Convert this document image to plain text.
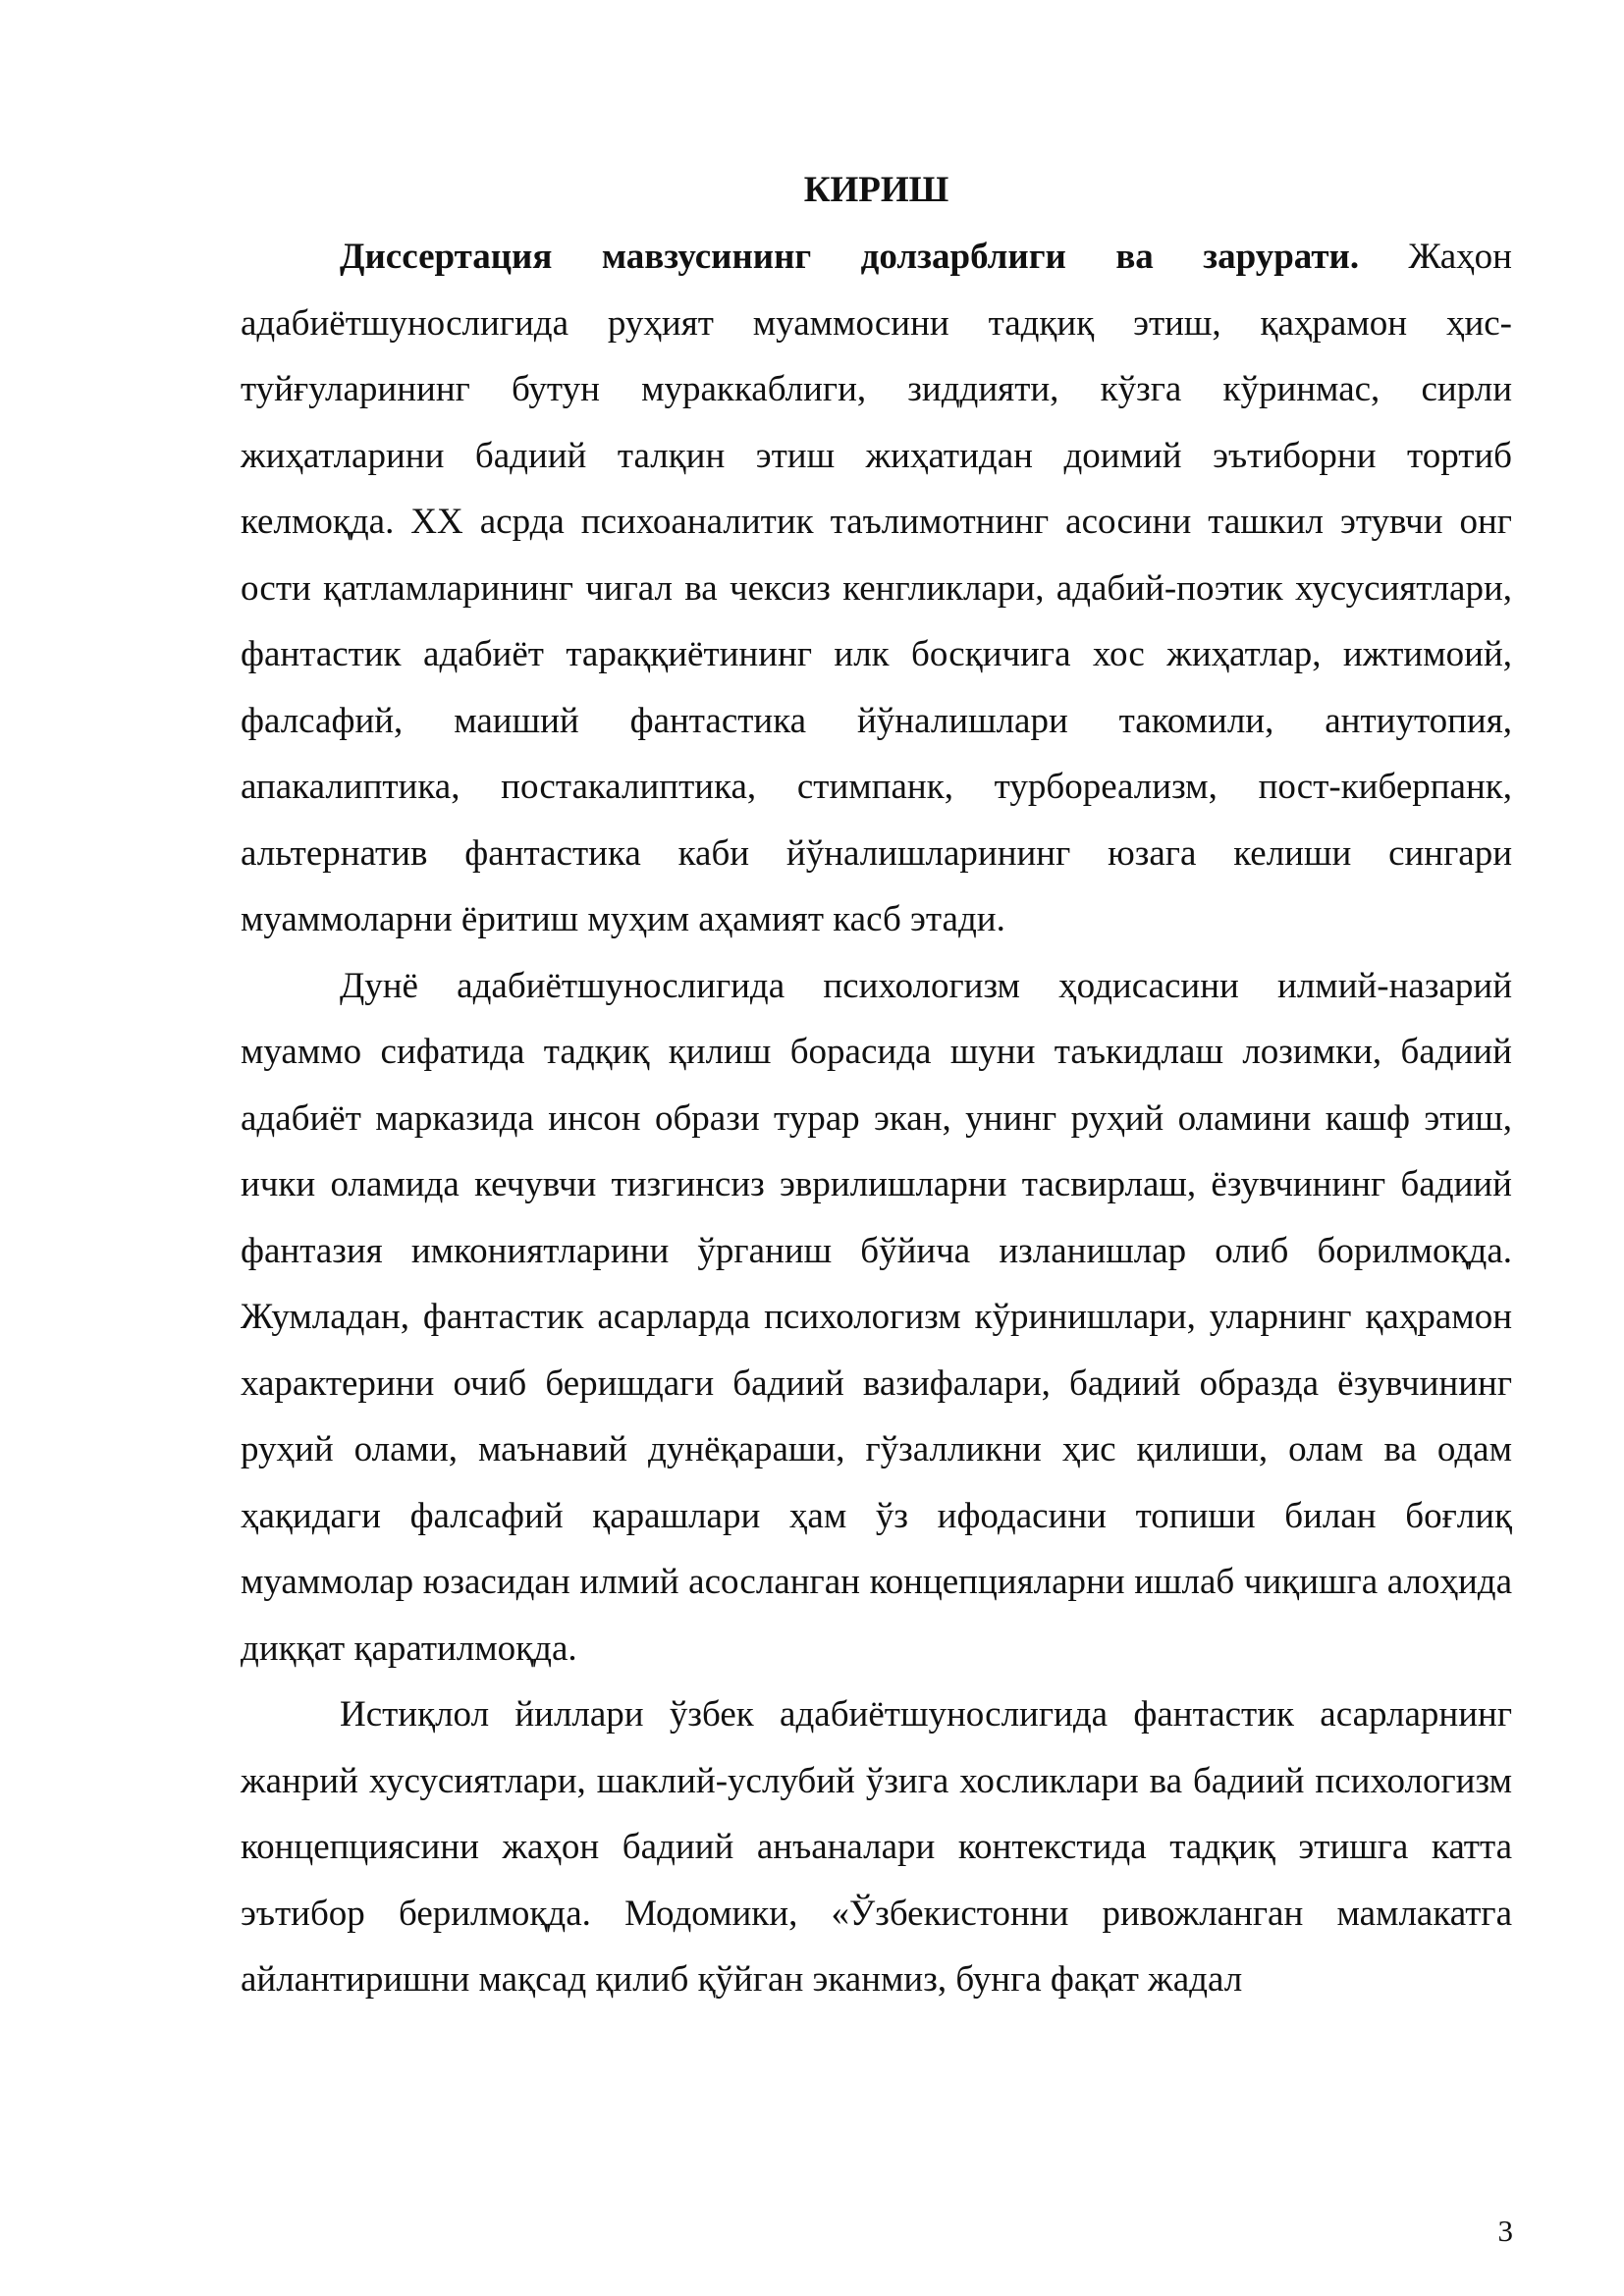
КИРИШ

Диссертация мавзусининг долзарблиги ва зарурати. Жаҳон адабиётшунослигида руҳият муаммосини тадқиқ этиш, қаҳрамон ҳис-туйғуларининг бутун мураккаблиги, зиддияти, кўзга кўринмас, сирли жиҳатларини бадиий талқин этиш жиҳатидан доимий эътиборни тортиб келмоқда. XX асрда психоаналитик таълимотнинг асосини ташкил этувчи онг ости қатламларининг чигал ва чексиз кенгликлари, адабий-поэтик хусусиятлари, фантастик адабиёт тараққиётининг илк босқичига хос жиҳатлар, ижтимоий, фалсафий, маиший фантастика йўналишлари такомили, антиутопия, апакалиптика, постакалиптика, стимпанк, турбореализм, пост-киберпанк, альтернатив фантастика каби йўналишларининг юзага келиши сингари муаммоларни ёритиш муҳим аҳамият касб этади.

Дунё адабиётшунослигида психологизм ҳодисасини илмий-назарий муаммо сифатида тадқиқ қилиш борасида шуни таъкидлаш лозимки, бадиий адабиёт марказида инсон образи турар экан, унинг руҳий оламини кашф этиш, ички оламида кечувчи тизгинсиз эврилишларни тасвирлаш, ёзувчининг бадиий фантазия имкониятларини ўрганиш бўйича изланишлар олиб борилмоқда. Жумладан, фантастик асарларда психологизм кўринишлари, уларнинг қаҳрамон характерини очиб беришдаги бадиий вазифалари, бадиий образда ёзувчининг руҳий олами, маънавий дунёқараши, гўзалликни ҳис қилиши, олам ва одам ҳақидаги фалсафий қарашлари ҳам ўз ифодасини топиши билан боғлиқ муаммолар юзасидан илмий асосланган концепцияларни ишлаб чиқишга алоҳида диққат қаратилмоқда.

Истиқлол йиллари ўзбек адабиётшунослигида фантастик асарларнинг жанрий хусусиятлари, шаклий-услубий ўзига хосликлари ва бадиий психологизм концепциясини жаҳон бадиий анъаналари контекстида тадқиқ этишга катта эътибор берилмоқда. Модомики, «Ўзбекистонни ривожланган мамлакатга айлантиришни мақсад қилиб қўйган эканмиз, бунга фақат жадал

3
